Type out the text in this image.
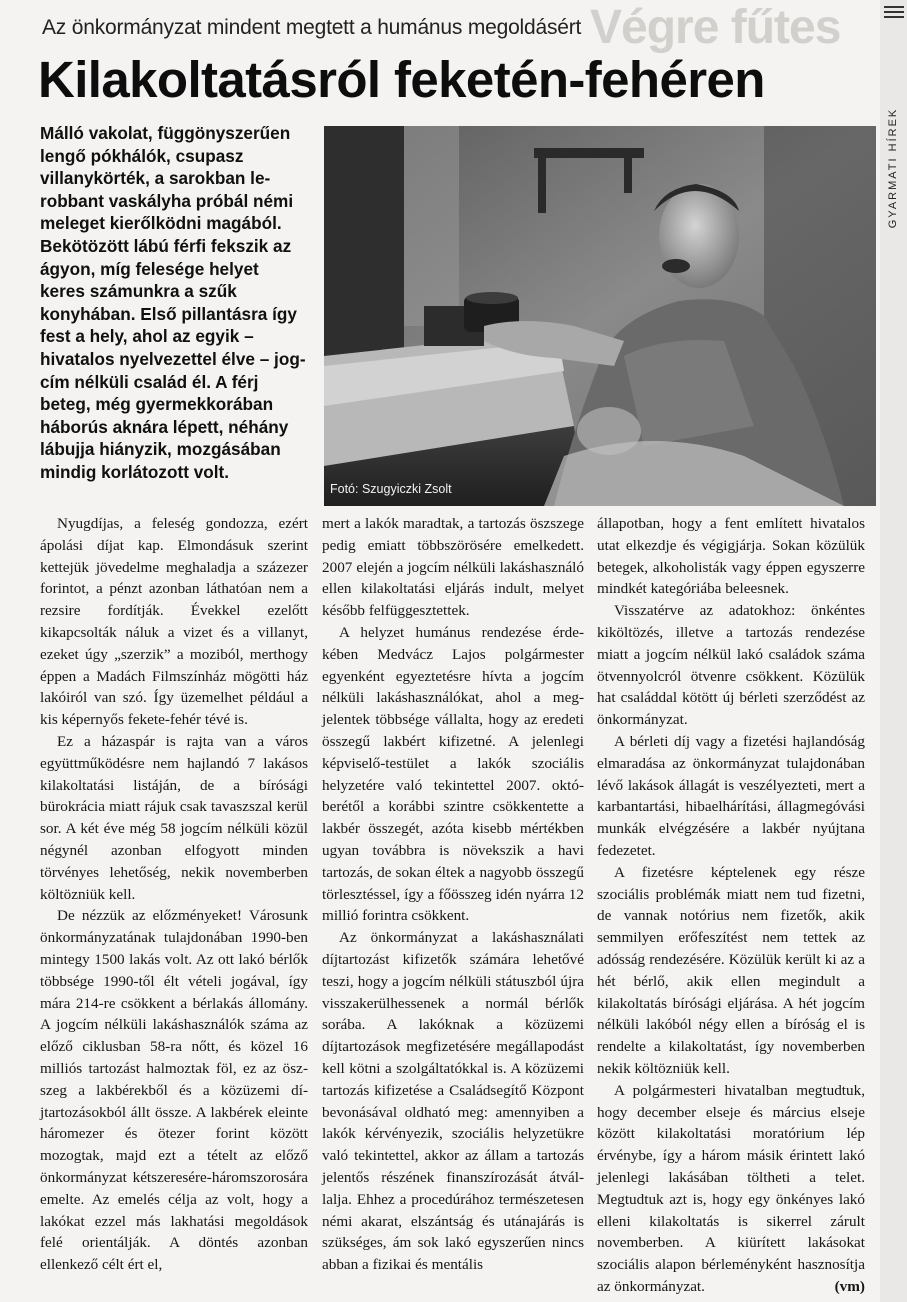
Végre fűtes
GYARMATI HÍREK
Az önkormányzat mindent megtett a humánus megoldásért
Kilakoltatásról feketén-fehéren
Málló vakolat, függönyszerűen lengő pókhálók, csupasz villanykörték, a sarokban lerobbant vaskályha próbál némi meleget kierőlködni magából. Bekötözött lábú férfi fekszik az ágyon, míg felesége helyet keres számunkra a szűk konyhában. Első pillantásra így fest a hely, ahol az egyik – hivatalos nyelvezettel élve – jogcím nélküli család él. A férj beteg, még gyermekkorában háborús aknára lépett, néhány lábujja hiányzik, mozgásában mindig korlátozott volt.
Fotó: Szugyiczki Zsolt

Nyugdíjas, a feleség gondozza, ezért ápolási díjat kap. Elmondásuk szerint kettejük jövedelme meghaladja a százezer forintot, a pénzt azonban láthatóan nem a rezsire fordítják. Évekkel ezelőtt kikapcsolták náluk a vizet és a villanyt, ezeket úgy „szerzik” a moziból, merthogy éppen a Madách Filmszínház mögötti ház lakóiról van szó. Így üzemelhet például a kis képernyős fekete-fehér tévé is.

Ez a házaspár is rajta van a város együttműködésre nem hajlandó 7 lakásos kilakoltatási listáján, de a bírósági bürokrácia miatt rájuk csak tavaszszal kerül sor. A két éve még 58 jogcím nélküli közül négynél azonban elfogyott minden törvényes lehetőség, nekik novemberben költözniük kell.

De nézzük az előzményeket! Városunk önkormányzatának tulajdonában 1990-ben mintegy 1500 lakás volt. Az ott lakó bérlők többsége 1990-től élt vételi jogával, így mára 214-re csökkent a bérlakás állomány. A jogcím nélküli lakáshasználók száma az előző ciklusban 58-ra nőtt, és közel 16 milliós tartozást halmoztak föl, ez az öszszeg a lakbérekből és a közüzemi díjtartozásokból állt össze. A lakbérek eleinte háromezer és ötezer forint között mozogtak, majd ezt a tételt az előző önkormányzat kétszeresére-háromszorosára emelte. Az emelés célja az volt, hogy a lakókat ezzel más lakhatási megoldások felé orientálják. A döntés azonban ellenkező célt ért el,

mert a lakók maradtak, a tartozás öszszege pedig emiatt többszörösére emelkedett. 2007 elején a jogcím nélküli lakáshasználó ellen kilakoltatási eljárás indult, melyet később felfüggesztettek.

A helyzet humánus rendezése érdekében Medvácz Lajos polgármester egyenként egyeztetésre hívta a jogcím nélküli lakáshasználókat, ahol a megjelentek többsége vállalta, hogy az eredeti összegű lakbért kifizetné. A jelenlegi képviselő-testület a lakók szociális helyzetére való tekintettel 2007. októberétől a korábbi szintre csökkentette a lakbér összegét, azóta kisebb mértékben ugyan továbbra is növekszik a havi tartozás, de sokan éltek a nagyobb összegű törlesztéssel, így a főösszeg idén nyárra 12 millió forintra csökkent.

Az önkormányzat a lakáshasználati díjtartozást kifizetők számára lehetővé teszi, hogy a jogcím nélküli státuszból újra visszakerülhessenek a normál bérlők sorába. A lakóknak a közüzemi díjtartozások megfizetésére megállapodást kell kötni a szolgáltatókkal is. A közüzemi tartozás kifizetése a Családsegítő Központ bevonásával oldható meg: amennyiben a lakók kérvényezik, szociális helyzetükre való tekintettel, akkor az állam a tartozás jelentős részének finanszírozását átvállalja. Ehhez a procedúrához természetesen némi akarat, elszántság és utánajárás is szükséges, ám sok lakó egyszerűen nincs abban a fizikai és mentális

állapotban, hogy a fent említett hivatalos utat elkezdje és végigjárja. Sokan közülük betegek, alkoholisták vagy éppen egyszerre mindkét kategóriába beleesnek.

Visszatérve az adatokhoz: önkéntes kiköltözés, illetve a tartozás rendezése miatt a jogcím nélkül lakó családok száma ötvennyolcról ötvenre csökkent. Közülük hat családdal kötött új bérleti szerződést az önkormányzat.

A bérleti díj vagy a fizetési hajlandóság elmaradása az önkormányzat tulajdonában lévő lakások állagát is veszélyezteti, mert a karbantartási, hibaelhárítási, állagmegóvási munkák elvégzésére a lakbér nyújtana fedezetet.

A fizetésre képtelenek egy része szociális problémák miatt nem tud fizetni, de vannak notórius nem fizetők, akik semmilyen erőfeszítést nem tettek az adósság rendezésére. Közülük került ki az a hét bérlő, akik ellen megindult a kilakoltatás bírósági eljárása. A hét jogcím nélküli lakóból négy ellen a bíróság el is rendelte a kilakoltatást, így novemberben nekik költözniük kell.

A polgármesteri hivatalban megtudtuk, hogy december elseje és március elseje között kilakoltatási moratórium lép érvénybe, így a három másik érintett lakó jelenlegi lakásában töltheti a telet. Megtudtuk azt is, hogy egy önkényes lakó elleni kilakoltatás is sikerrel zárult novemberben. A kiürített lakásokat szociális alapon bérleményként hasznosítja az önkormányzat.	(vm)
